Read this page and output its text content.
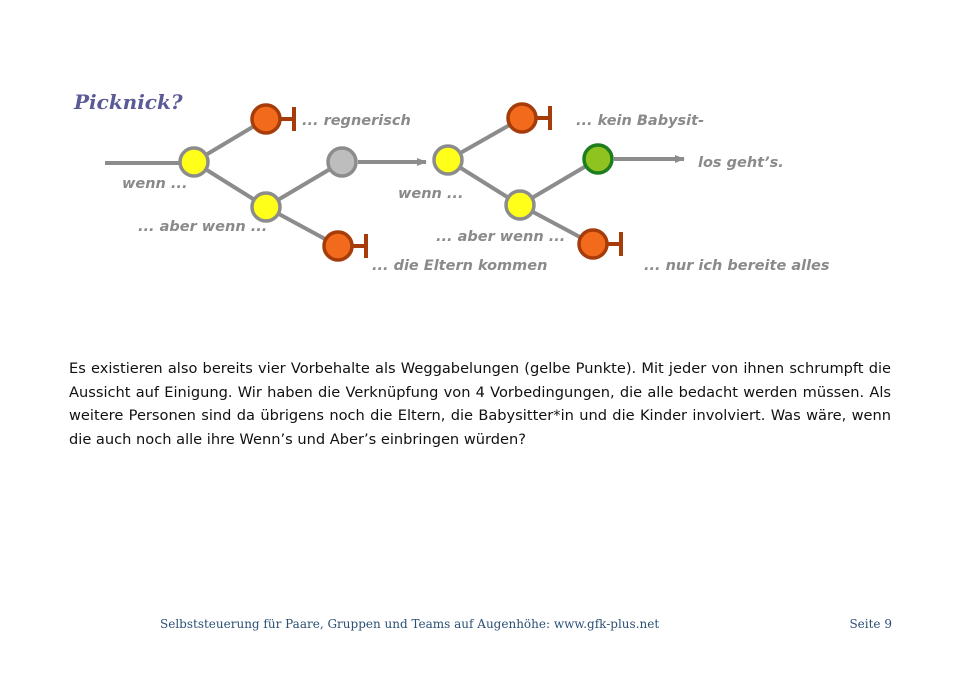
Picknick?
... regnerisch
wenn ...
... aber wenn ...
... die Eltern kommen
wenn ...
... aber wenn ...
... kein Babysit-
los geht’s.
... nur ich bereite alles

Es existieren also bereits vier Vorbehalte als Weggabelungen (gelbe Punkte). Mit jeder von ihnen schrumpft die Aussicht auf Einigung. Wir haben die Verknüpfung von 4 Vorbedingungen, die alle bedacht werden müssen. Als weitere Personen sind da übrigens noch die Eltern, die Babysitter*in und die Kinder involviert. Was wäre, wenn die auch noch alle ihre Wenn’s und Aber’s einbringen würden?

Selbststeuerung für Paare, Gruppen und Teams auf Augenhöhe: www.gfk-plus.net	Seite 9
